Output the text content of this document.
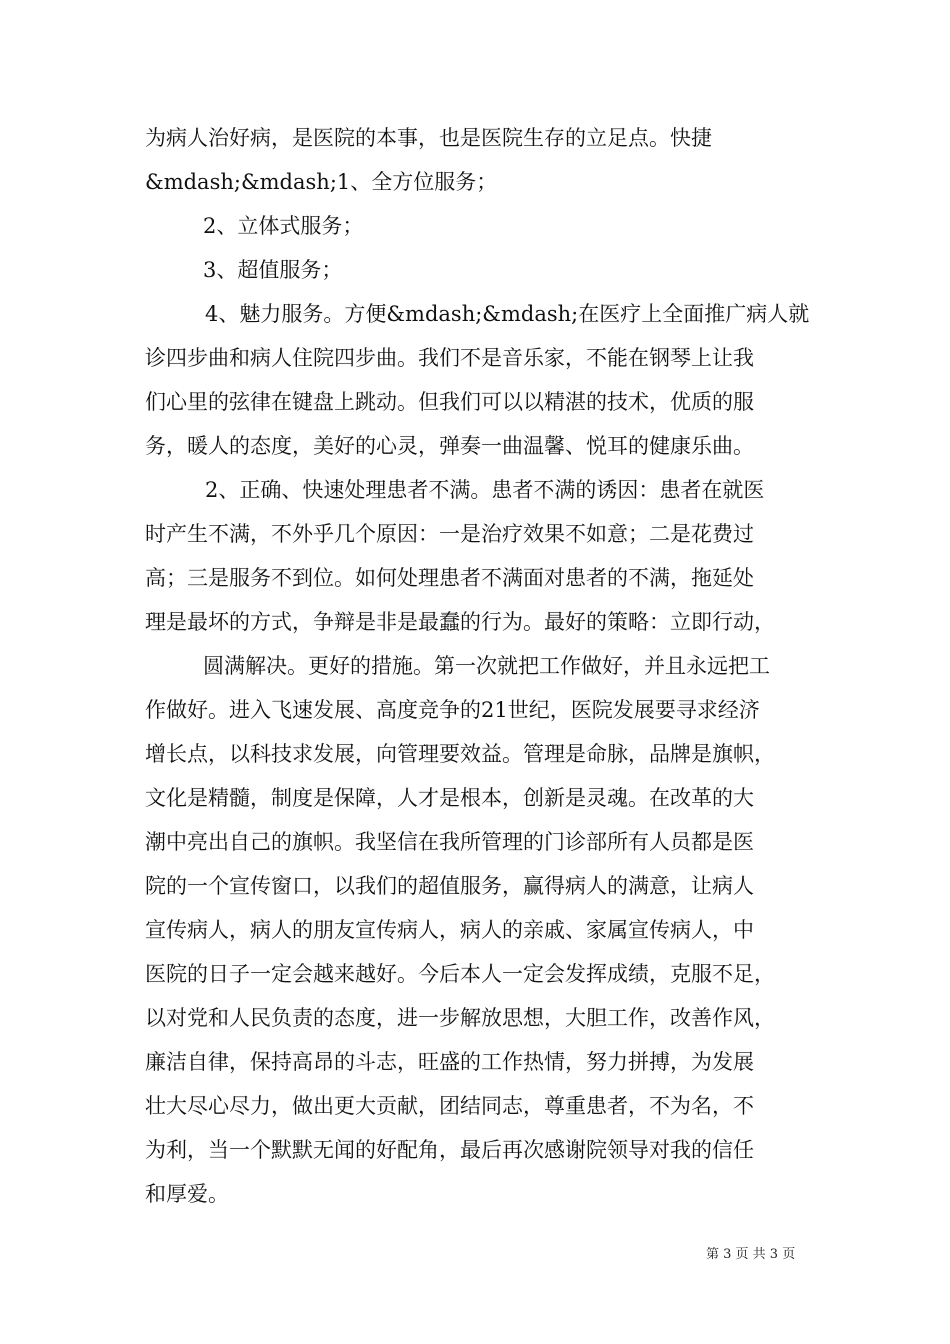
为病人治好病，是医院的本事，也是医院生存的立足点。快捷
&mdash;&mdash;1、全方位服务；
2、立体式服务；
3、超值服务；
4、魅力服务。方便&mdash;&mdash;在医疗上全面推广病人就
诊四步曲和病人住院四步曲。我们不是音乐家，不能在钢琴上让我
们心里的弦律在键盘上跳动。但我们可以以精湛的技术，优质的服
务，暖人的态度，美好的心灵，弹奏一曲温馨、悦耳的健康乐曲。
2、正确、快速处理患者不满。患者不满的诱因：患者在就医
时产生不满，不外乎几个原因：一是治疗效果不如意；二是花费过
高；三是服务不到位。如何处理患者不满面对患者的不满，拖延处
理是最坏的方式，争辩是非是最蠢的行为。最好的策略：立即行动，
圆满解决。更好的措施。第一次就把工作做好，并且永远把工
作做好。进入飞速发展、高度竞争的21世纪，医院发展要寻求经济
增长点，以科技求发展，向管理要效益。管理是命脉，品牌是旗帜，
文化是精髓，制度是保障，人才是根本，创新是灵魂。在改革的大
潮中亮出自己的旗帜。我坚信在我所管理的门诊部所有人员都是医
院的一个宣传窗口，以我们的超值服务，赢得病人的满意，让病人
宣传病人，病人的朋友宣传病人，病人的亲戚、家属宣传病人，中
医院的日子一定会越来越好。今后本人一定会发挥成绩，克服不足，
以对党和人民负责的态度，进一步解放思想，大胆工作，改善作风，
廉洁自律，保持高昂的斗志，旺盛的工作热情，努力拼搏，为发展
壮大尽心尽力，做出更大贡献，团结同志，尊重患者，不为名，不
为利，当一个默默无闻的好配角，最后再次感谢院领导对我的信任
和厚爱。
第 3 页 共 3 页
